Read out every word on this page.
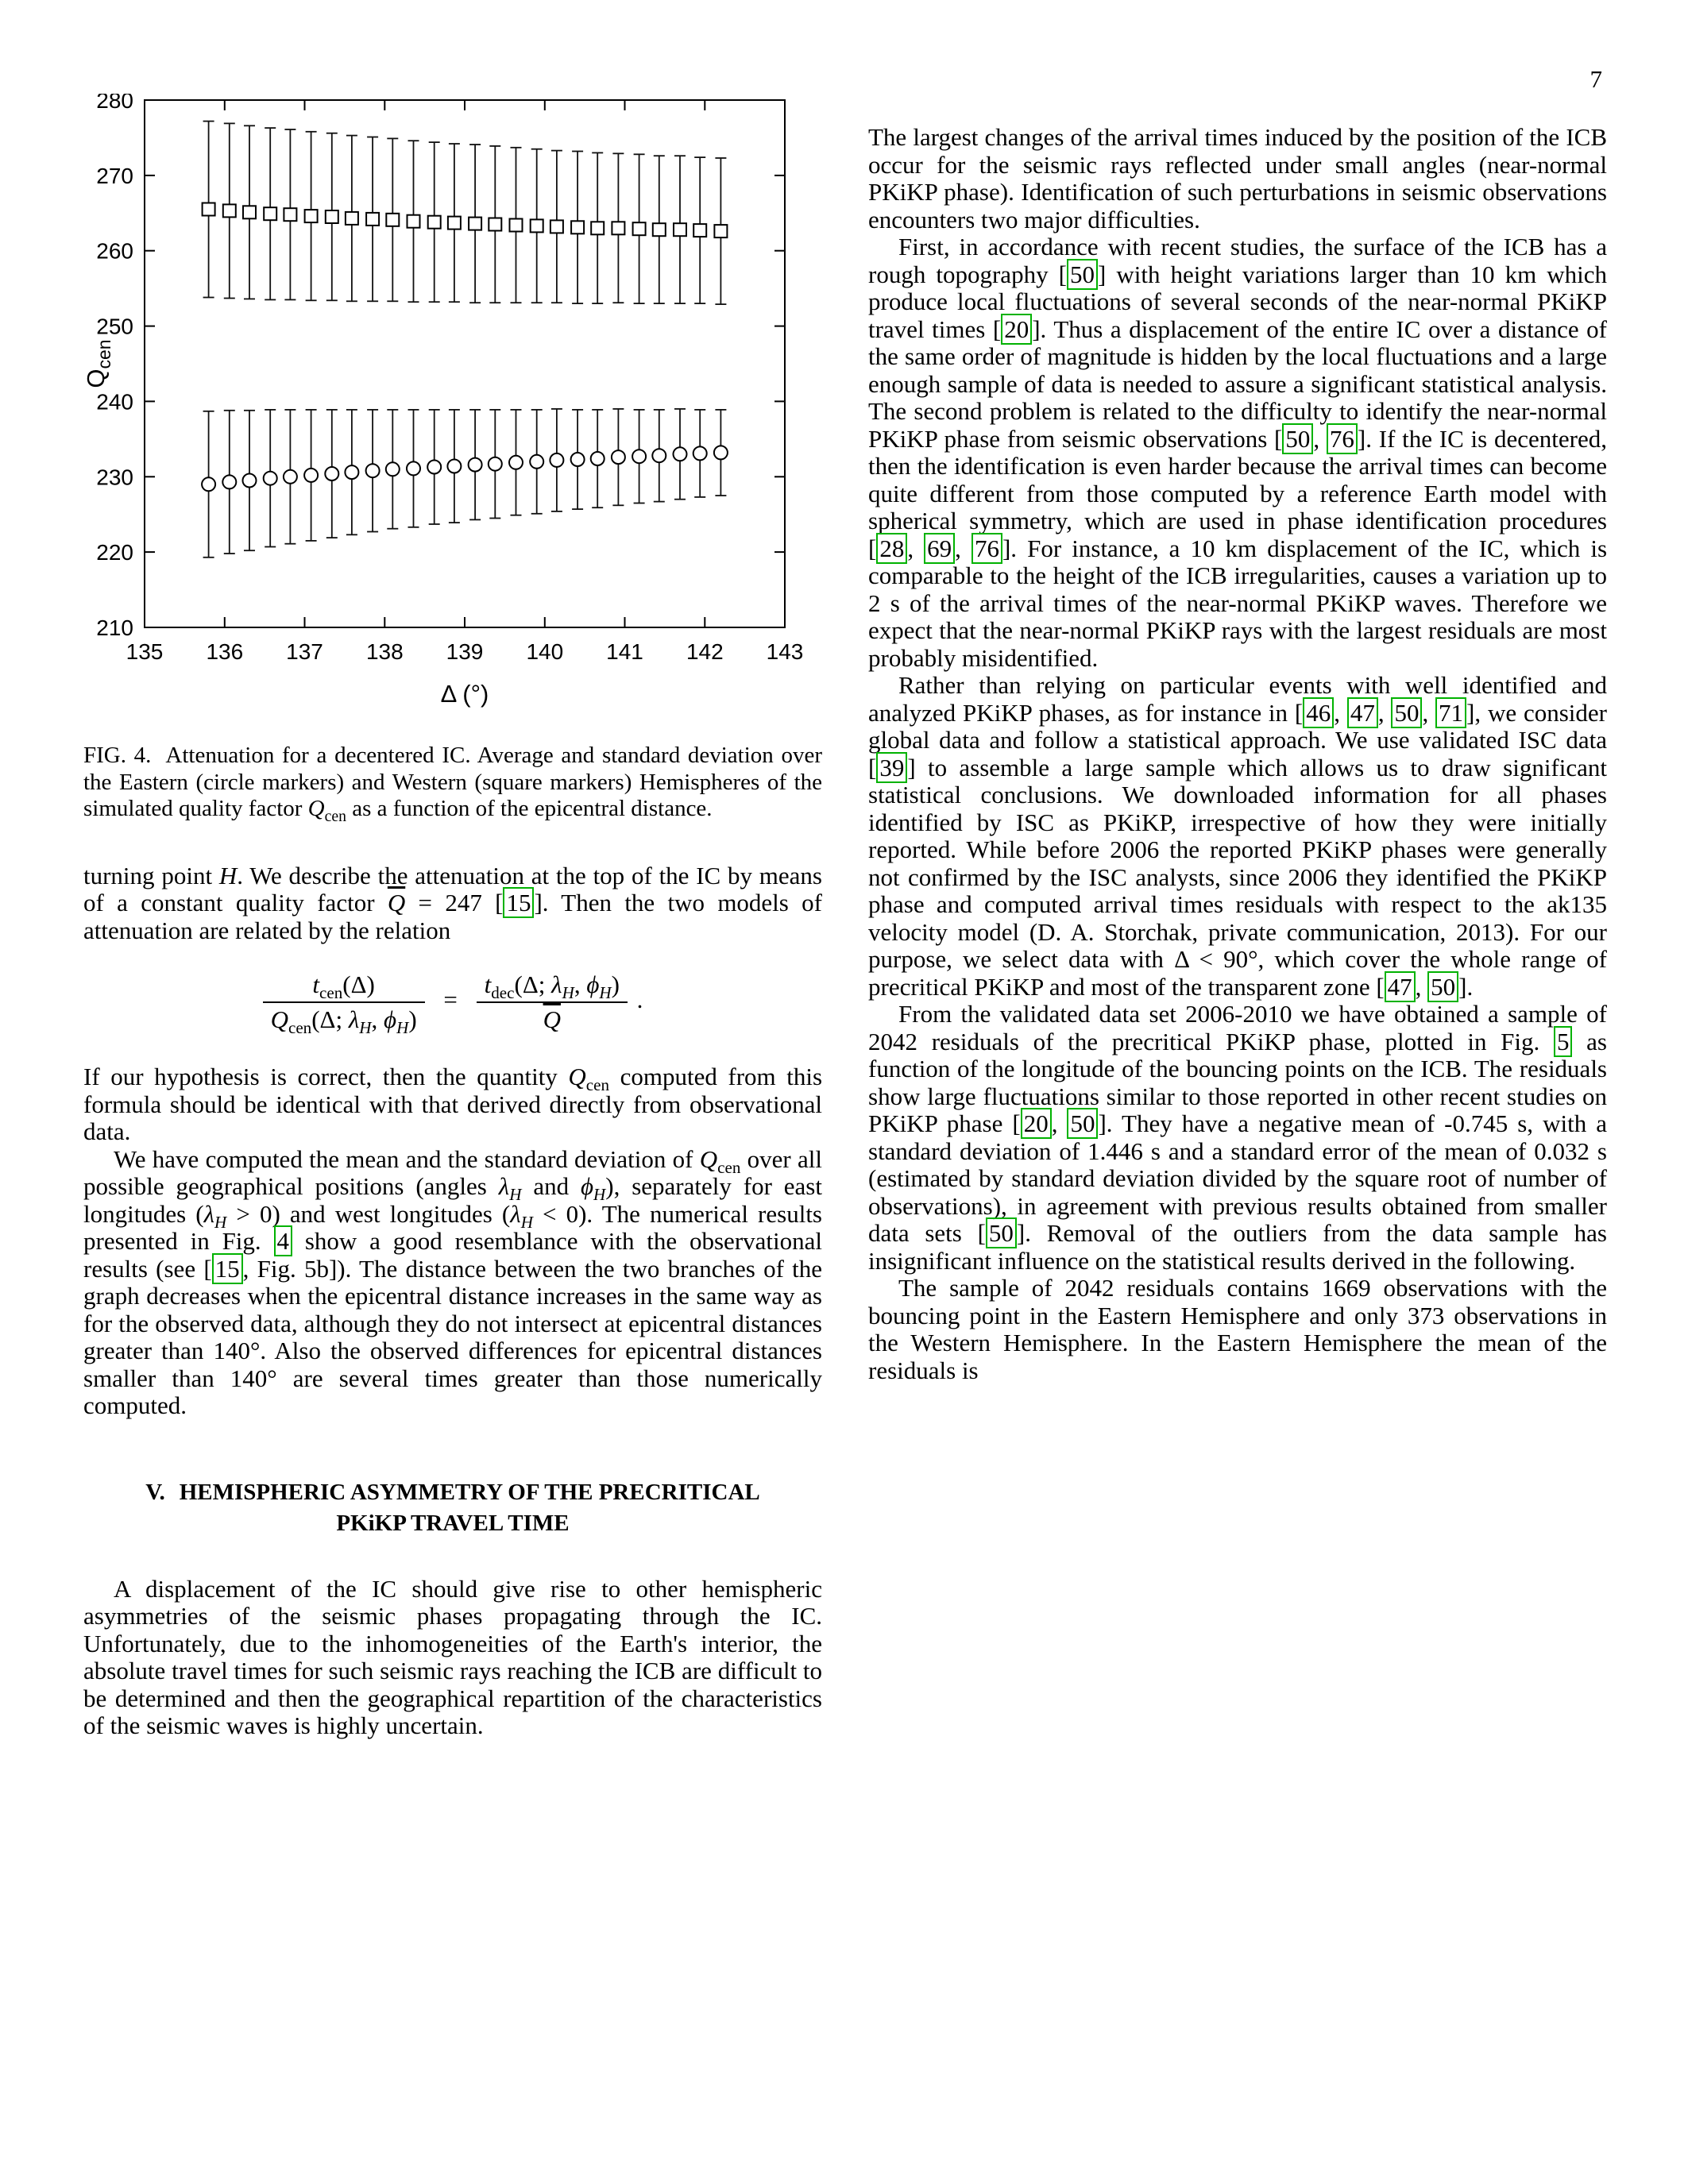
7
210
220
230
240
250
260
270
280
135 136 137 138 139 140 141 142 143
Δ (°)
$Q_{cen}$
FIG. 4. Attenuation for a decentered IC. Average and standard deviation over the Eastern (circle markers) and Western (square markers) Hemispheres of the simulated quality factor $Q_{cen}$ as a function of the epicentral distance.

turning point H. We describe the attenuation at the top of the IC by means of a constant quality factor $\overline{Q} = 247$ [ 15 ]. Then the two models of attenuation are related by the relation

$\frac{t_{cen}(\Delta)}{Q_{cen}(\Delta; \lambda_H, \phi_H)} = \frac{t_{dec}(\Delta; \lambda_H, \phi_H)}{Q}$ .

If our hypothesis is correct, then the quantity $Q_{cen}$ computed from this formula should be identical with that derived directly from observational data.

We have computed the mean and the standard deviation of $Q_{cen}$ over all possible geographical positions (angles $\lambda_H$ and $\phi_H$), separately for east longitudes $(\lambda_H > 0)$ and west longitudes $(\lambda_H < 0)$. The numerical results presented in Fig. 4 show a good resemblance with the observational results (see [ 15 , Fig. 5b]). The distance between the two branches of the graph decreases when the epicentral distance increases in the same way as for the observed data, although they do not intersect at epicentral distances greater than 140°. Also the observed differences for epicentral distances smaller than 140° are several times greater than those numerically computed.

V. HEMISPHERIC ASYMMETRY OF THE PRECRITICAL PKiKP TRAVEL TIME

A displacement of the IC should give rise to other hemispheric asymmetries of the seismic phases propagating through the IC. Unfortunately, due to the inhomogeneities of the Earth's interior, the absolute travel times for such seismic rays reaching the ICB are difficult to be determined and then the geographical repartition of the characteristics of the seismic waves is highly uncertain.

The largest changes of the arrival times induced by the position of the ICB occur for the seismic rays reflected under small angles (near-normal PKiKP phase). Identification of such perturbations in seismic observations encounters two major difficulties.

First, in accordance with recent studies, the surface of the ICB has a rough topography [ 50 ] with height variations larger than 10 km which produce local fluctuations of several seconds of the near-normal PKiKP travel times [ 20 ]. Thus a displacement of the entire IC over a distance of the same order of magnitude is hidden by the local fluctuations and a large enough sample of data is needed to assure a significant statistical analysis. The second problem is related to the difficulty to identify the near-normal PKiKP phase from seismic observations [ 50 , 76 ]. If the IC is decentered, then the identification is even harder because the arrival times can become quite different from those computed by a reference Earth model with spherical symmetry, which are used in phase identification procedures [ 28 , 69 , 76 ]. For instance, a 10 km displacement of the IC, which is comparable to the height of the ICB irregularities, causes a variation up to 2 s of the arrival times of the near-normal PKiKP waves. Therefore we expect that the near-normal PKiKP rays with the largest residuals are most probably misidentified.

Rather than relying on particular events with well identified and analyzed PKiKP phases, as for instance in [ 46 , 47 , 50 , 71 ], we consider global data and follow a statistical approach. We use validated ISC data [ 39 ] to assemble a large sample which allows us to draw significant statistical conclusions. We downloaded information for all phases identified by ISC as PKiKP, irrespective of how they were initially reported. While before 2006 the reported PKiKP phases were generally not confirmed by the ISC analysts, since 2006 they identified the PKiKP phase and computed arrival times residuals with respect to the ak135 velocity model (D. A. Storchak, private communication, 2013). For our purpose, we select data with Δ < 90°, which cover the whole range of precritical PKiKP and most of the transparent zone [ 47 , 50 ].

From the validated data set 2006-2010 we have obtained a sample of 2042 residuals of the precritical PKiKP phase, plotted in Fig. 5 as function of the longitude of the bouncing points on the ICB. The residuals show large fluctuations similar to those reported in other recent studies on PKiKP phase [ 20 , 50 ]. They have a negative mean of -0.745 s, with a standard deviation of 1.446 s and a standard error of the mean of 0.032 s (estimated by standard deviation divided by the square root of number of observations), in agreement with previous results obtained from smaller data sets [ 50 ]. Removal of the outliers from the data sample has insignificant influence on the statistical results derived in the following.

The sample of 2042 residuals contains 1669 observations with the bouncing point in the Eastern Hemisphere and only 373 observations in the Western Hemisphere. In the Eastern Hemisphere the mean of the residuals is
